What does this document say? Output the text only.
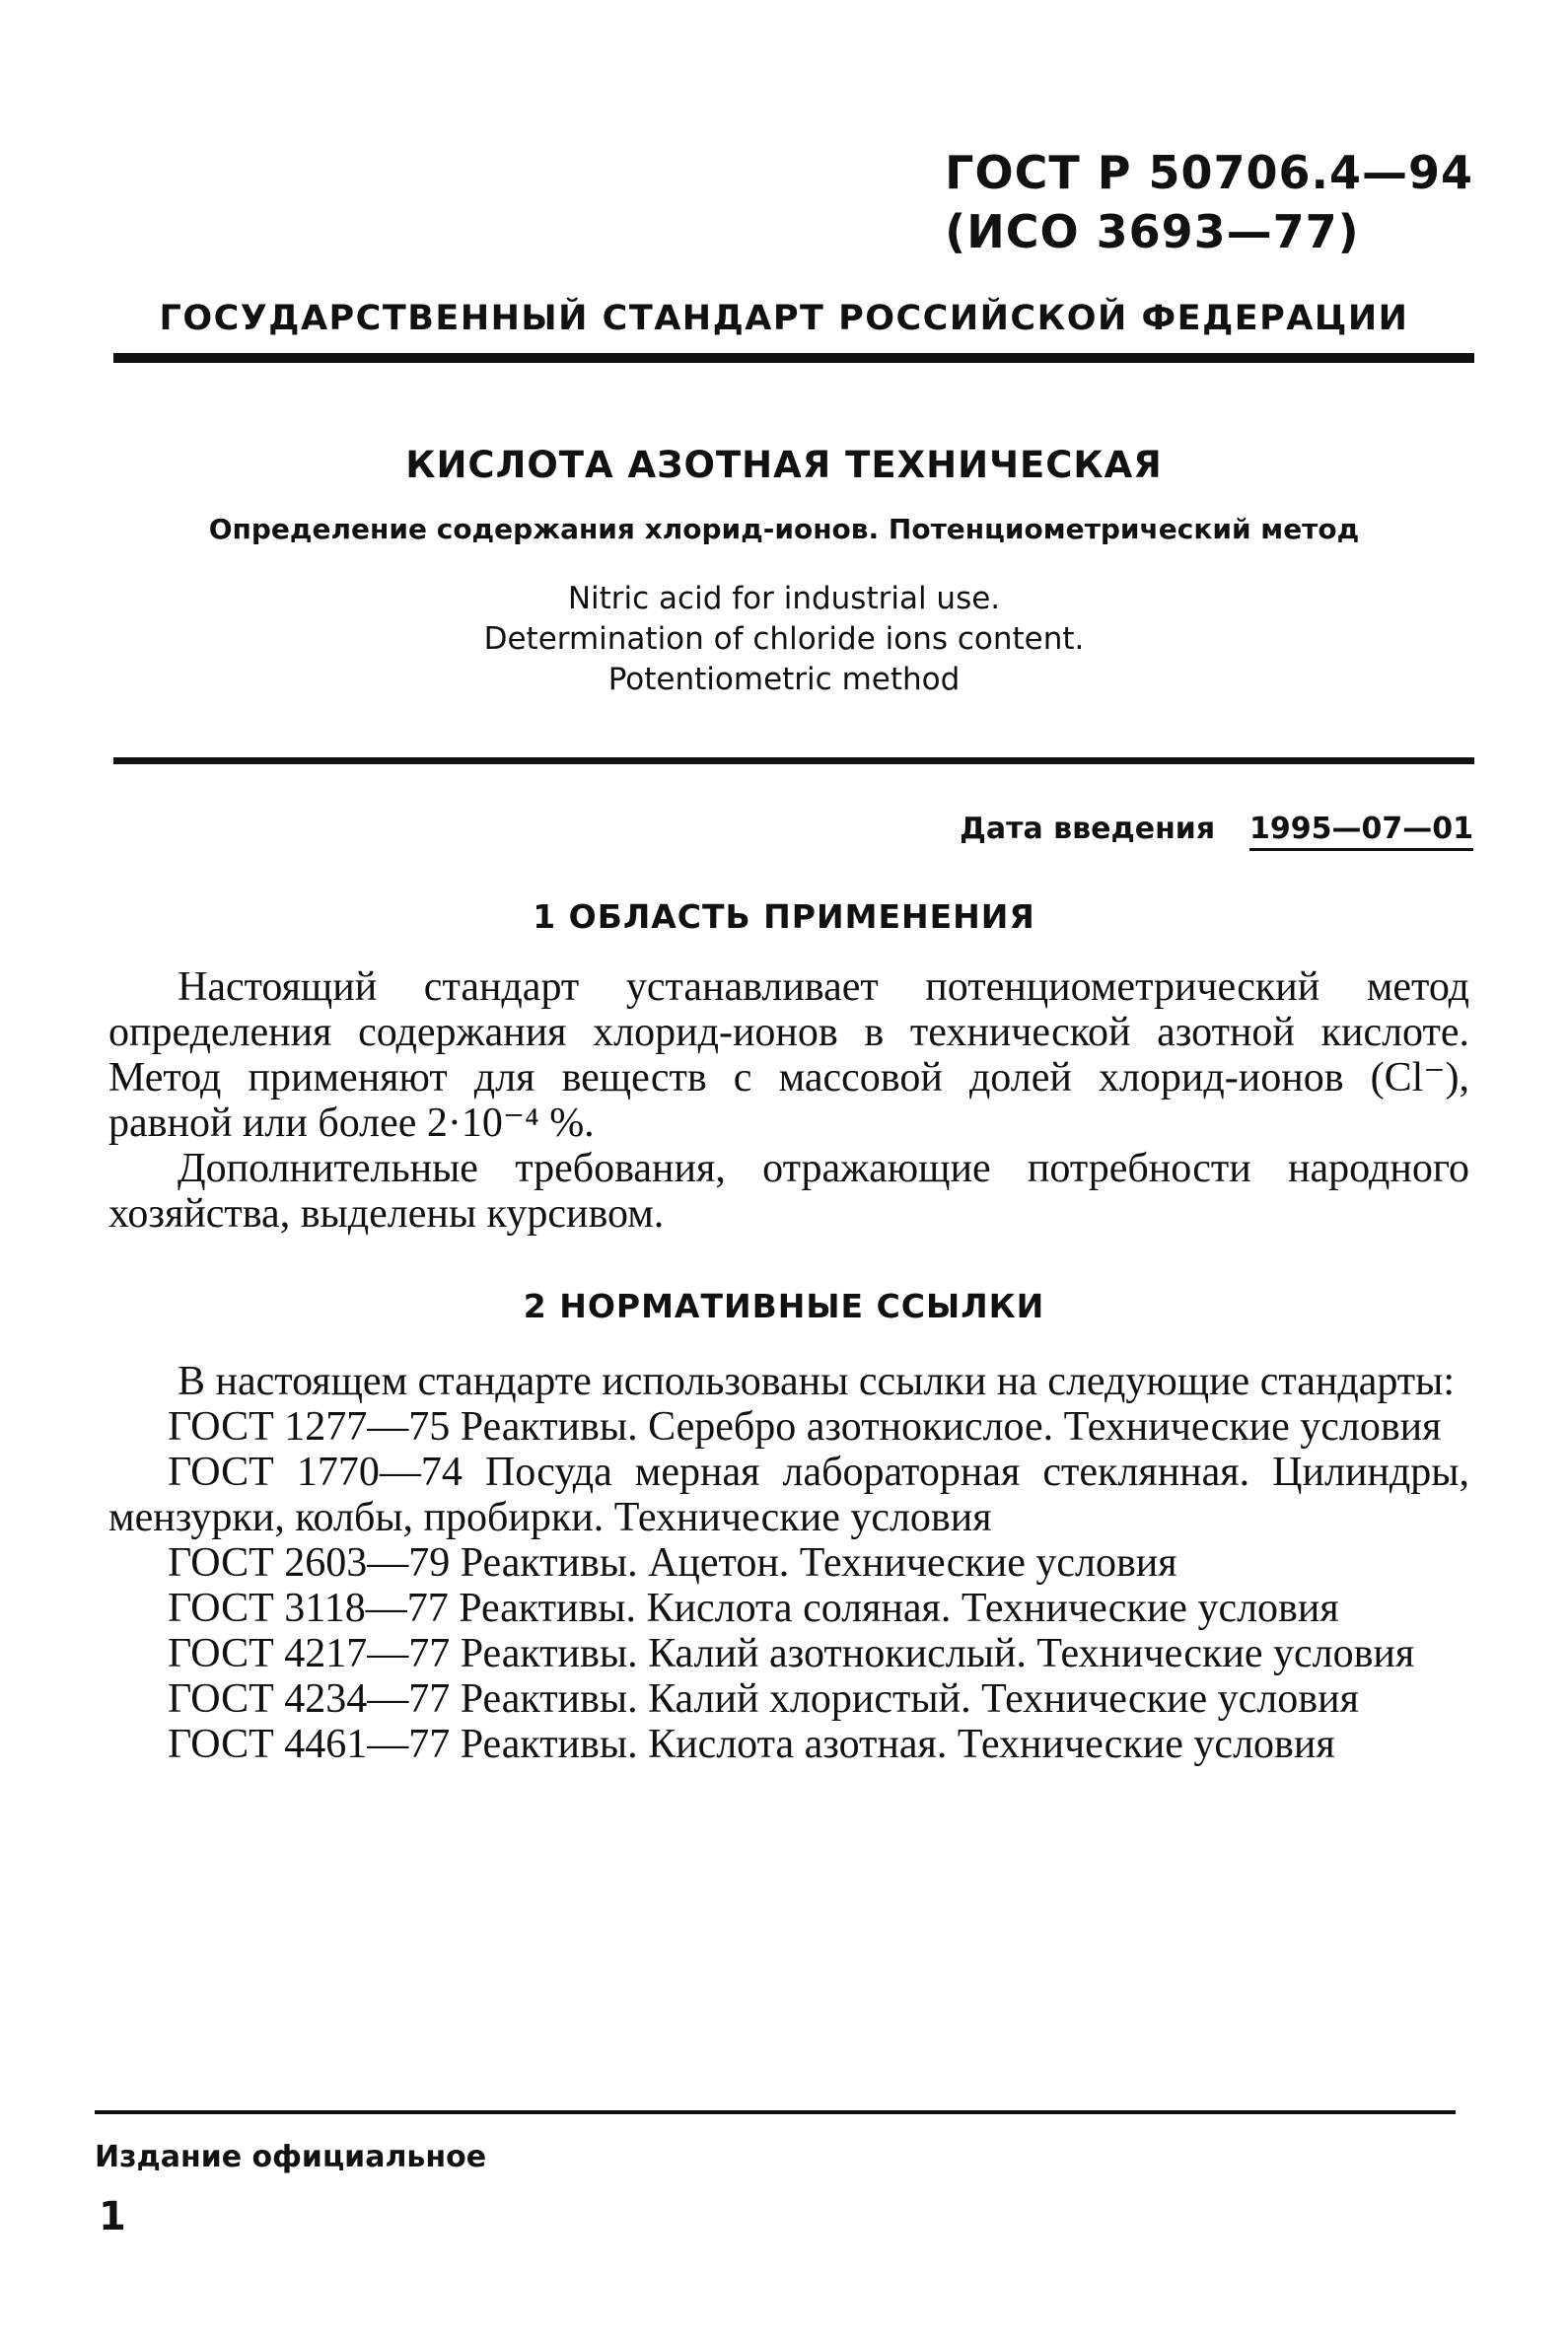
ГОСТ Р 50706.4—94
(ИСО 3693—77)
ГОСУДАРСТВЕННЫЙ СТАНДАРТ РОССИЙСКОЙ ФЕДЕРАЦИИ
КИСЛОТА АЗОТНАЯ ТЕХНИЧЕСКАЯ
Определение содержания хлорид-ионов. Потенциометрический метод
Nitric acid for industrial use.
Determination of chloride ions content.
Potentiometric method
Дата введения 1995—07—01
1 ОБЛАСТЬ ПРИМЕНЕНИЯ

Настоящий стандарт устанавливает потенциометрический метод определения содержания хлорид-ионов в технической азотной кислоте. Метод применяют для веществ с массовой долей хлорид-ионов (Cl⁻), равной или более 2·10⁻⁴ %.

Дополнительные требования, отражающие потребности народного хозяйства, выделены курсивом.

2 НОРМАТИВНЫЕ ССЫЛКИ

В настоящем стандарте использованы ссылки на следующие стандарты:

ГОСТ 1277—75 Реактивы. Серебро азотнокислое. Технические условия

ГОСТ 1770—74 Посуда мерная лабораторная стеклянная. Цилиндры, мензурки, колбы, пробирки. Технические условия

ГОСТ 2603—79 Реактивы. Ацетон. Технические условия

ГОСТ 3118—77 Реактивы. Кислота соляная. Технические условия

ГОСТ 4217—77 Реактивы. Калий азотнокислый. Технические условия

ГОСТ 4234—77 Реактивы. Калий хлористый. Технические условия

ГОСТ 4461—77 Реактивы. Кислота азотная. Технические условия

Издание официальное
1
